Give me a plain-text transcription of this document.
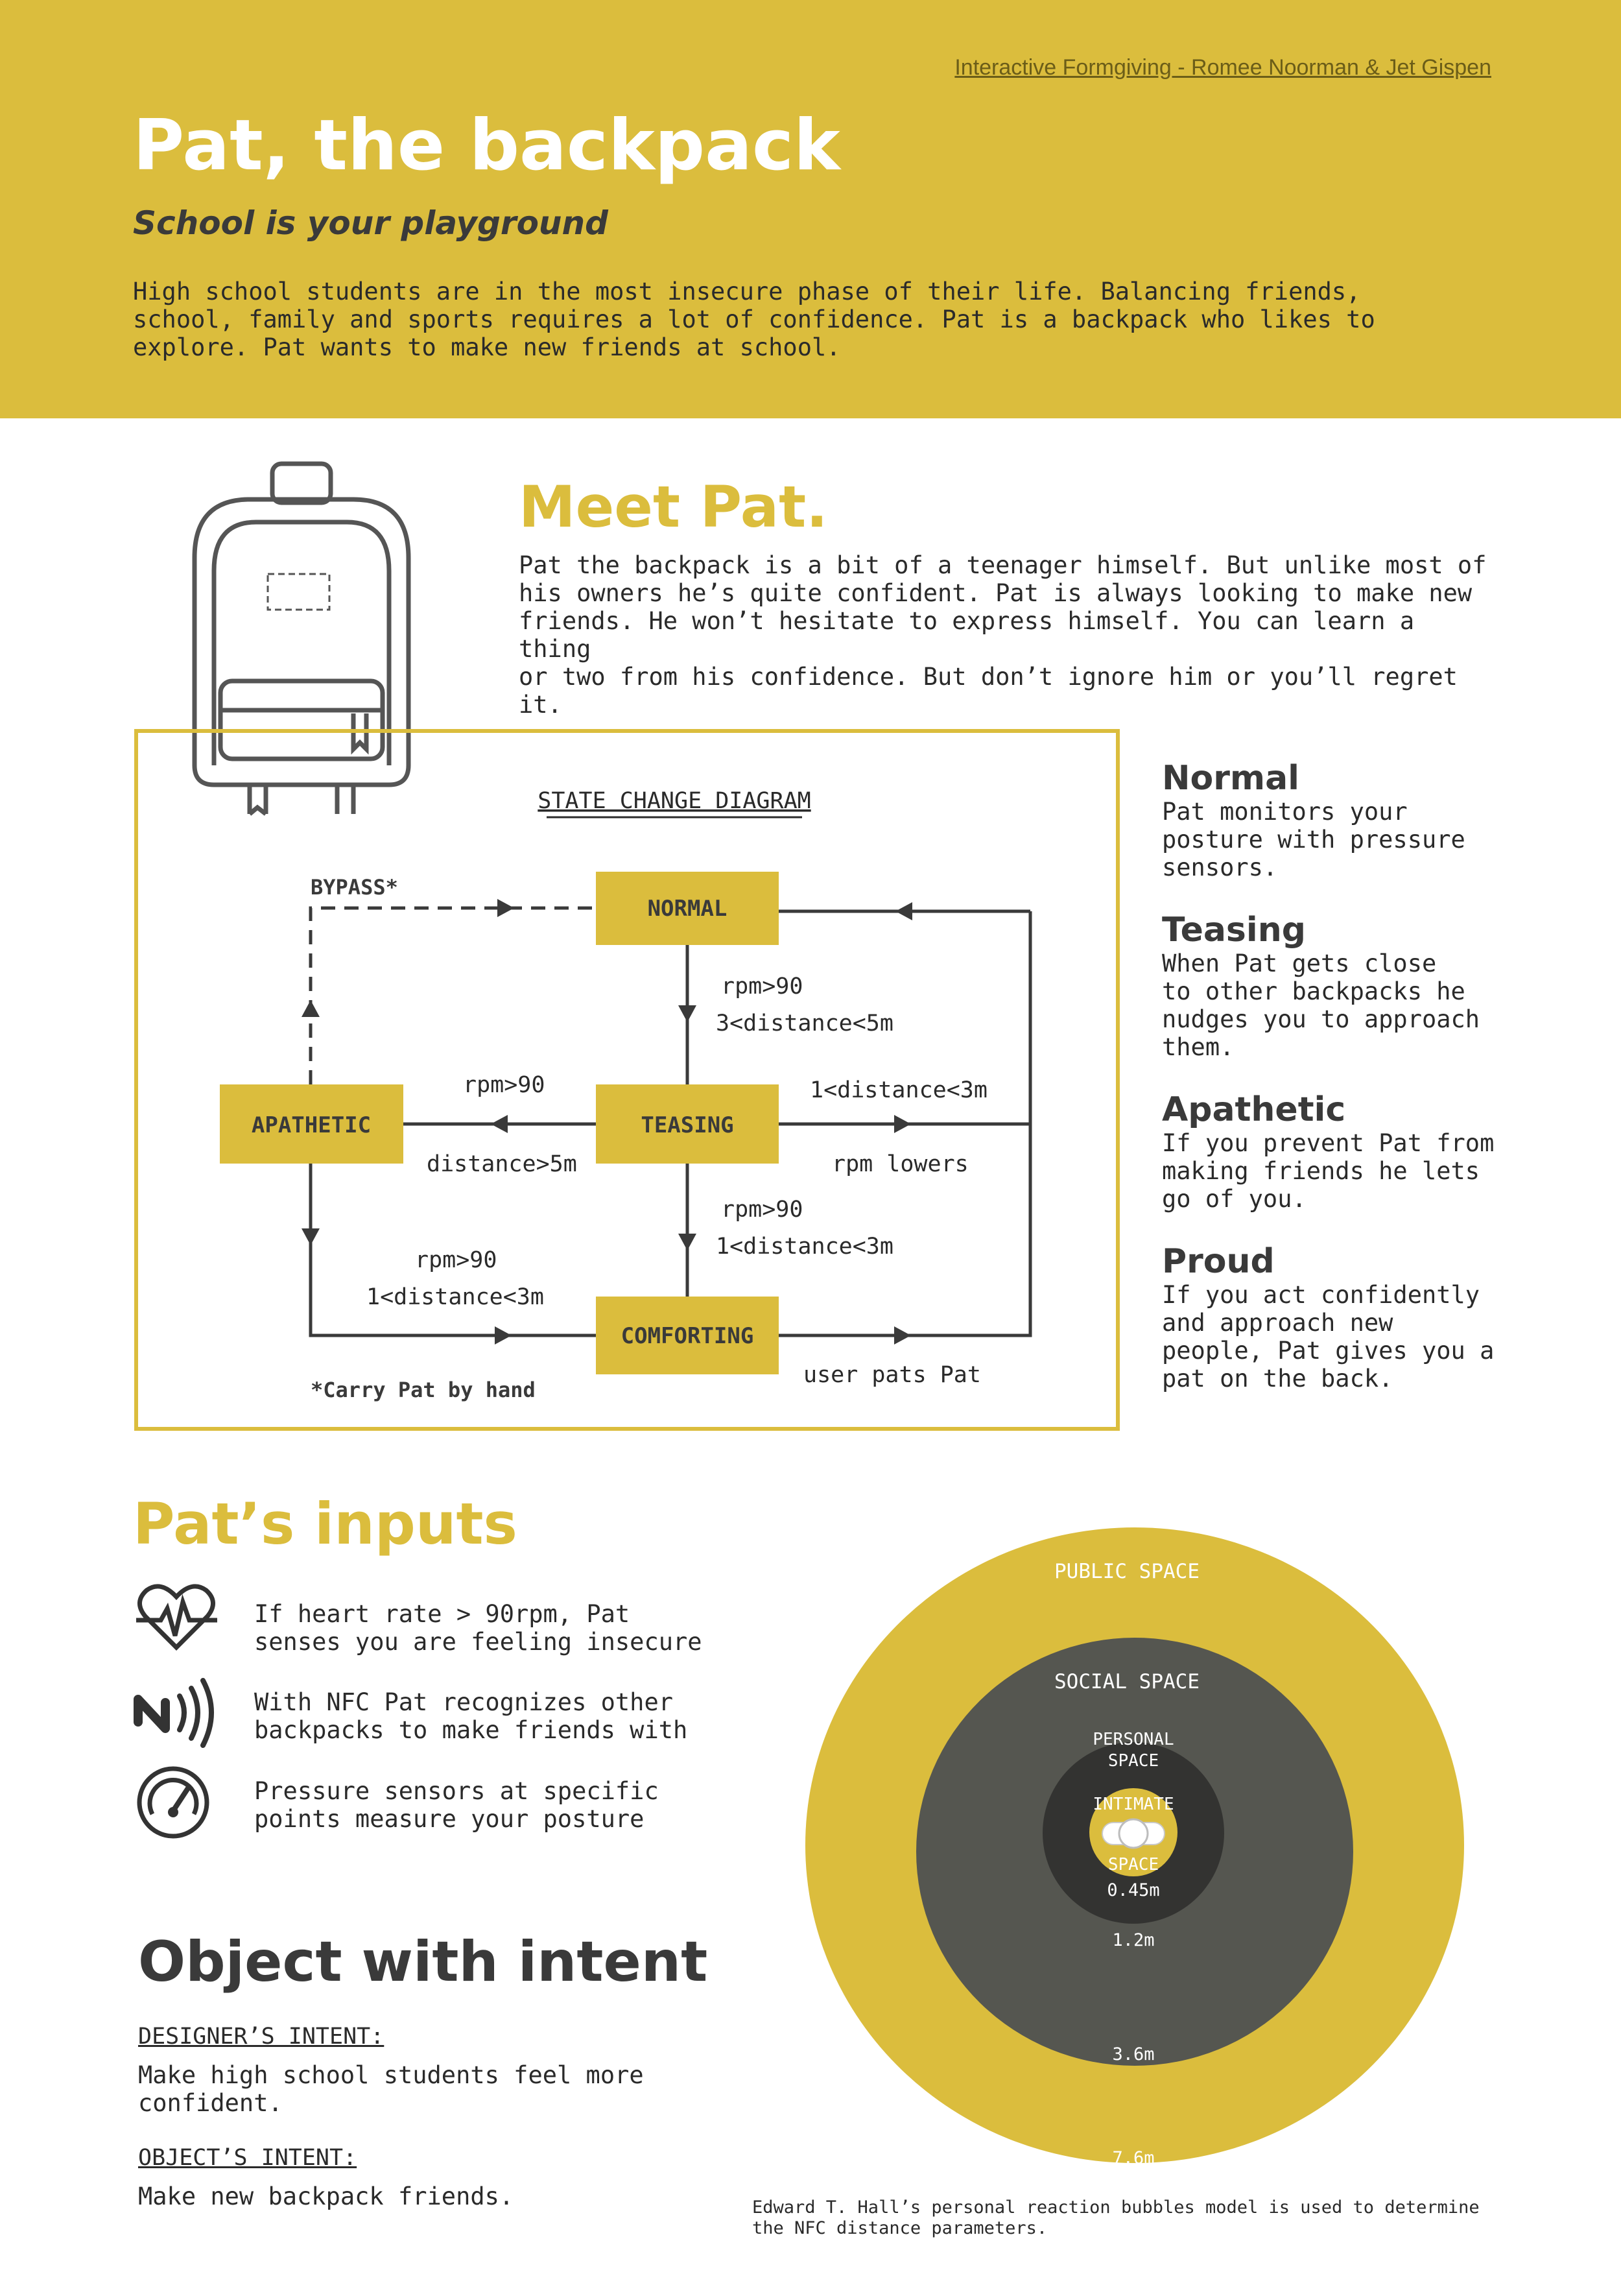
Interactive Formgiving - Romee Noorman & Jet Gispen
Pat, the backpack
School is your playground
High school students are in the most insecure phase of their life. Balancing friends,
school, family and sports requires a lot of confidence. Pat is a backpack who likes to
explore. Pat wants to make new friends at school.
Meet Pat.
Pat the backpack is a bit of a teenager himself. But unlike most of
his owners he’s quite confident. Pat is always looking to make new
friends. He won’t hesitate to express himself. You can learn a thing
or two from his confidence. But don’t ignore him or you’ll regret it.
STATE CHANGE DIAGRAM
NORMAL
TEASING
APATHETIC
COMFORTING
BYPASS*
rpm>90
3<distance<5m
rpm>90
distance>5m
1<distance<3m
rpm lowers
rpm>90
1<distance<3m
rpm>90
1<distance<3m
user pats Pat
*Carry Pat by hand
Normal
Pat monitors your
posture with pressure
sensors.
Teasing
When Pat gets close
to other backpacks he
nudges you to approach
them.
Apathetic
If you prevent Pat from
making friends he lets
go of you.
Proud
If you act confidently
and approach new
people, Pat gives you a
pat on the back.
Pat’s inputs
If heart rate > 90rpm, Pat
senses you are feeling insecure
With NFC Pat recognizes other
backpacks to make friends with
Pressure sensors at specific
points measure your posture
Object with intent
DESIGNER’S INTENT:
Make high school students feel more
confident.
OBJECT’S INTENT:
Make new backpack friends.
PUBLIC SPACE
SOCIAL SPACE
PERSONAL
SPACE
INTIMATE
SPACE
0.45m
1.2m
3.6m
7.6m
Edward T. Hall’s personal reaction bubbles model is used to determine
the NFC distance parameters.
